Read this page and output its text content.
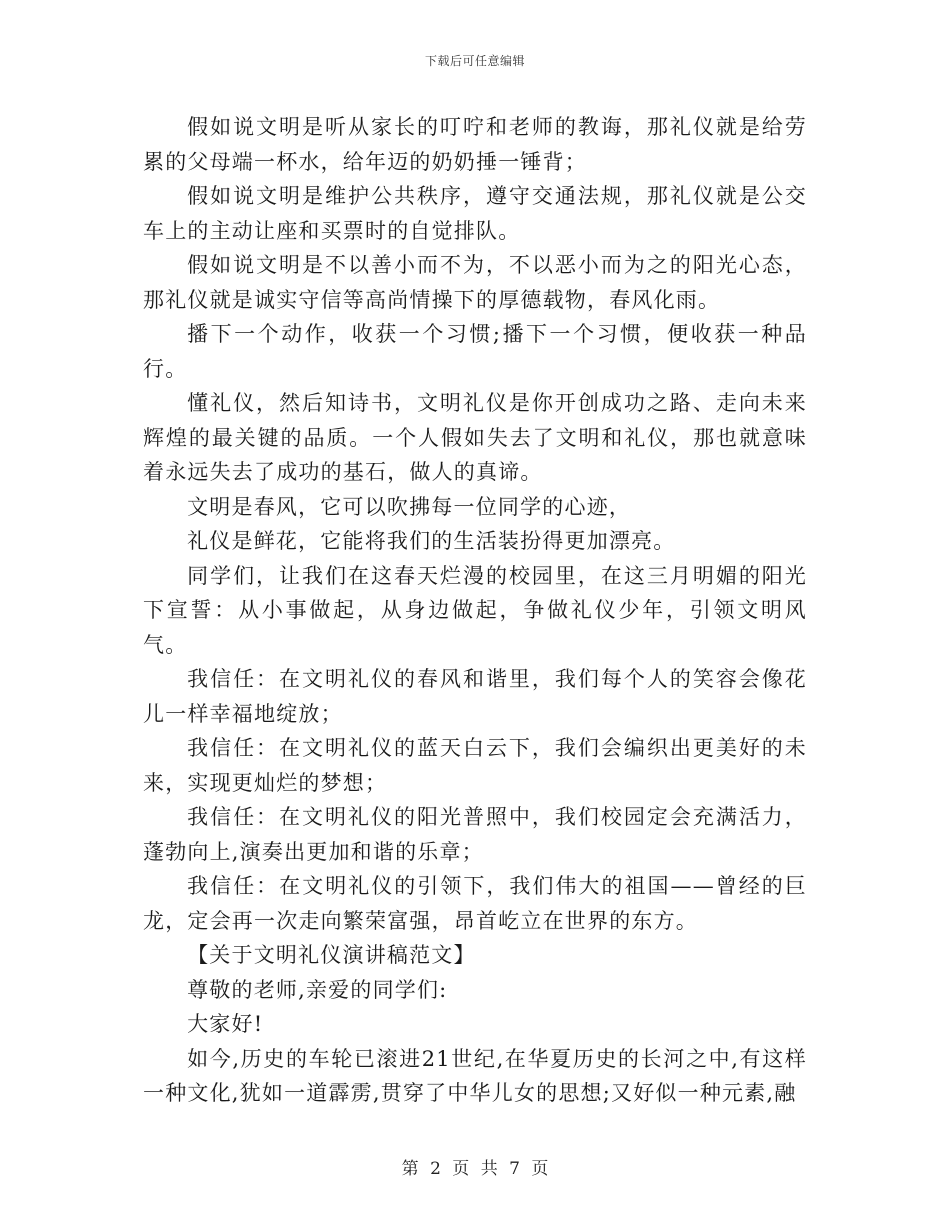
下载后可任意编辑

假如说文明是听从家长的叮咛和老师的教诲，那礼仪就是给劳累的父母端一杯水，给年迈的奶奶捶一锤背；

假如说文明是维护公共秩序，遵守交通法规，那礼仪就是公交车上的主动让座和买票时的自觉排队。

假如说文明是不以善小而不为，不以恶小而为之的阳光心态，那礼仪就是诚实守信等高尚情操下的厚德载物，春风化雨。

播下一个动作，收获一个习惯;播下一个习惯，便收获一种品行。

懂礼仪，然后知诗书，文明礼仪是你开创成功之路、走向未来辉煌的最关键的品质。一个人假如失去了文明和礼仪，那也就意味着永远失去了成功的基石，做人的真谛。

文明是春风，它可以吹拂每一位同学的心迹，

礼仪是鲜花，它能将我们的生活装扮得更加漂亮。

同学们，让我们在这春天烂漫的校园里，在这三月明媚的阳光下宣誓：从小事做起，从身边做起，争做礼仪少年，引领文明风气。

我信任：在文明礼仪的春风和谐里，我们每个人的笑容会像花儿一样幸福地绽放；

我信任：在文明礼仪的蓝天白云下，我们会编织出更美好的未来，实现更灿烂的梦想；

我信任：在文明礼仪的阳光普照中，我们校园定会充满活力，蓬勃向上,演奏出更加和谐的乐章；

我信任：在文明礼仪的引领下，我们伟大的祖国——曾经的巨龙，定会再一次走向繁荣富强，昂首屹立在世界的东方。

【关于文明礼仪演讲稿范文】

尊敬的老师,亲爱的同学们:

大家好!

如今,历史的车轮已滚进21世纪,在华夏历史的长河之中,有这样一种文化,犹如一道霹雳,贯穿了中华儿女的思想;又好似一种元素,融

第 2 页 共 7 页
